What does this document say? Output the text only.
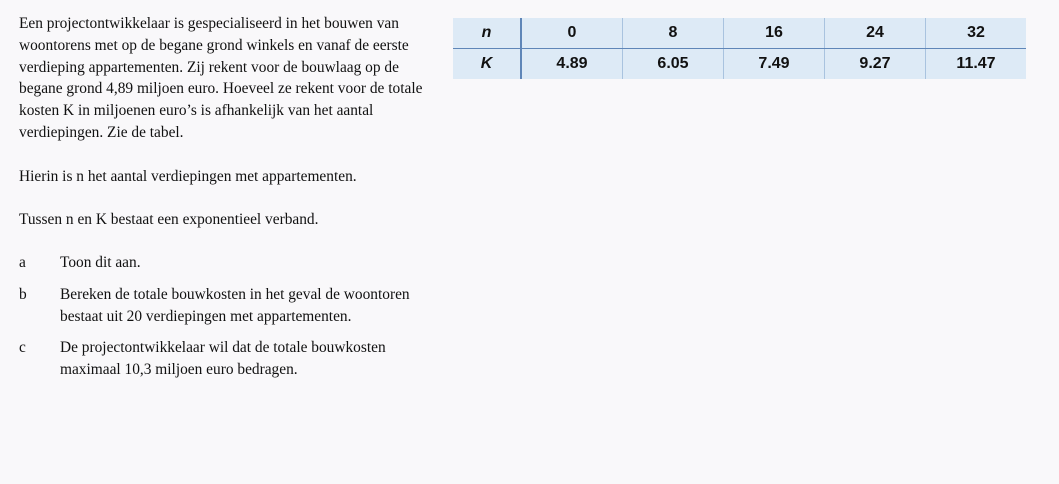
Een projectontwikkelaar is gespecialiseerd in het bouwen van woontorens met op de begane grond winkels en vanaf de eerste verdieping appartementen. Zij rekent voor de bouwlaag op de begane grond 4,89 miljoen euro. Hoeveel ze rekent voor de totale kosten K in miljoenen euro’s is afhankelijk van het aantal verdiepingen. Zie de tabel.

Hierin is n het aantal verdiepingen met appartementen.

Tussen n en K bestaat een exponentieel verband.

a	Toon dit aan.
b	Bereken de totale bouwkosten in het geval de woontoren bestaat uit 20 verdiepingen met appartementen.
c	De projectontwikkelaar wil dat de totale bouwkosten maximaal 10,3 miljoen euro bedragen.
n	0	8	16	24	32
K	4.89	6.05	7.49	9.27	11.47
